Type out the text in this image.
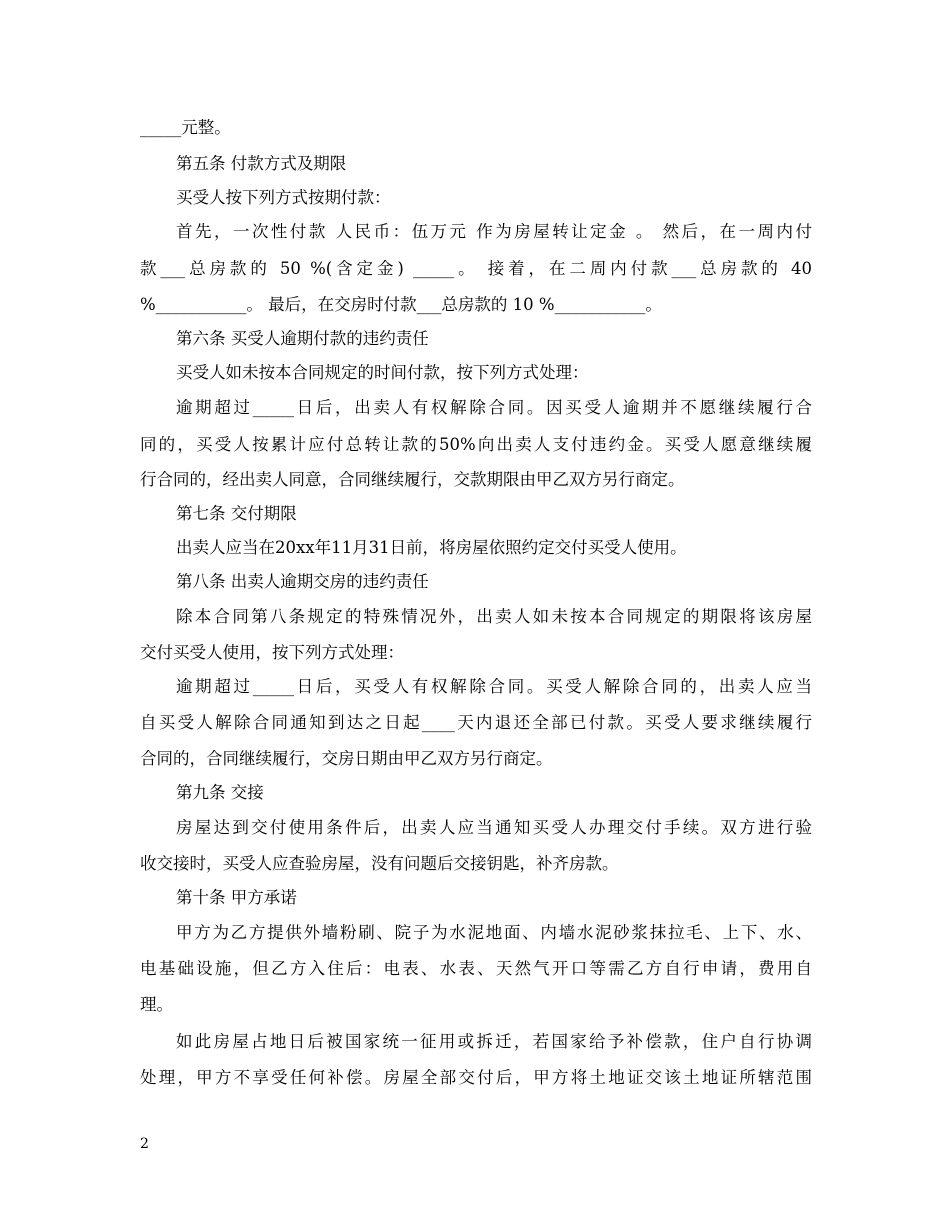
_____元整。

第五条 付款方式及期限

买受人按下列方式按期付款：

首先，一次性付款 人民币：伍万元 作为房屋转让定金 。 然后，在一周内付

款___总房款的 50 %(含定金) _____。 接着，在二周内付款___总房款的 40

%___________。 最后，在交房时付款___总房款的 10 %___________。

第六条 买受人逾期付款的违约责任

买受人如未按本合同规定的时间付款，按下列方式处理：

逾期超过_____日后，出卖人有权解除合同。因买受人逾期并不愿继续履行合

同的，买受人按累计应付总转让款的50%向出卖人支付违约金。买受人愿意继续履

行合同的，经出卖人同意，合同继续履行，交款期限由甲乙双方另行商定。

第七条 交付期限

出卖人应当在20xx年11月31日前，将房屋依照约定交付买受人使用。

第八条 出卖人逾期交房的违约责任

除本合同第八条规定的特殊情况外，出卖人如未按本合同规定的期限将该房屋

交付买受人使用，按下列方式处理：

逾期超过_____日后，买受人有权解除合同。买受人解除合同的，出卖人应当

自买受人解除合同通知到达之日起____天内退还全部已付款。买受人要求继续履行

合同的，合同继续履行，交房日期由甲乙双方另行商定。

第九条 交接

房屋达到交付使用条件后，出卖人应当通知买受人办理交付手续。双方进行验

收交接时，买受人应查验房屋，没有问题后交接钥匙，补齐房款。

第十条 甲方承诺

甲方为乙方提供外墙粉刷、院子为水泥地面、内墙水泥砂浆抹拉毛、上下、水、

电基础设施，但乙方入住后：电表、水表、天然气开口等需乙方自行申请，费用自

理。

如此房屋占地日后被国家统一征用或拆迁，若国家给予补偿款，住户自行协调

处理，甲方不享受任何补偿。房屋全部交付后，甲方将土地证交该土地证所辖范围

2
